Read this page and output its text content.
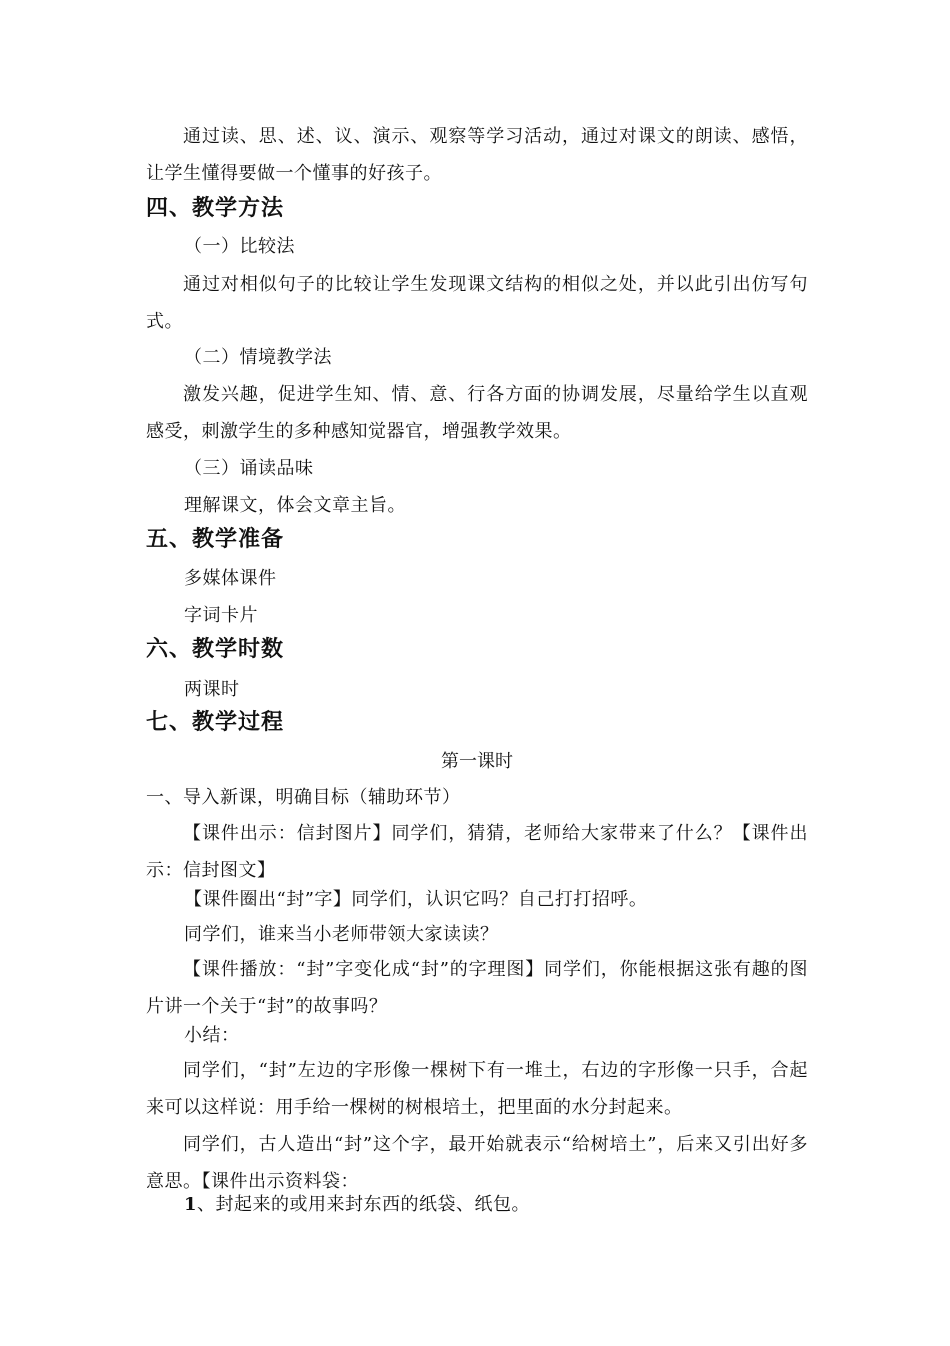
通过读、思、述、议、演示、观察等学习活动，通过对课文的朗读、感悟，让学生懂得要做一个懂事的好孩子。

四、教学方法

（一）比较法

通过对相似句子的比较让学生发现课文结构的相似之处，并以此引出仿写句式。

（二）情境教学法

激发兴趣，促进学生知、情、意、行各方面的协调发展，尽量给学生以直观感受，刺激学生的多种感知觉器官，增强教学效果。

（三）诵读品味

理解课文，体会文章主旨。

五、教学准备

多媒体课件

字词卡片

六、教学时数

两课时

七、教学过程

第一课时

一、导入新课，明确目标（辅助环节）

【课件出示：信封图片】同学们，猜猜，老师给大家带来了什么？【课件出示：信封图文】

【课件圈出“封”字】同学们，认识它吗？自己打打招呼。

同学们，谁来当小老师带领大家读读？

【课件播放：“封”字变化成“封”的字理图】同学们，你能根据这张有趣的图片讲一个关于“封”的故事吗？

小结：

同学们，“封”左边的字形像一棵树下有一堆土，右边的字形像一只手，合起来可以这样说：用手给一棵树的树根培土，把里面的水分封起来。

同学们，古人造出“封”这个字，最开始就表示“给树培土”，后来又引出好多意思。【课件出示资料袋：

1、封起来的或用来封东西的纸袋、纸包。
